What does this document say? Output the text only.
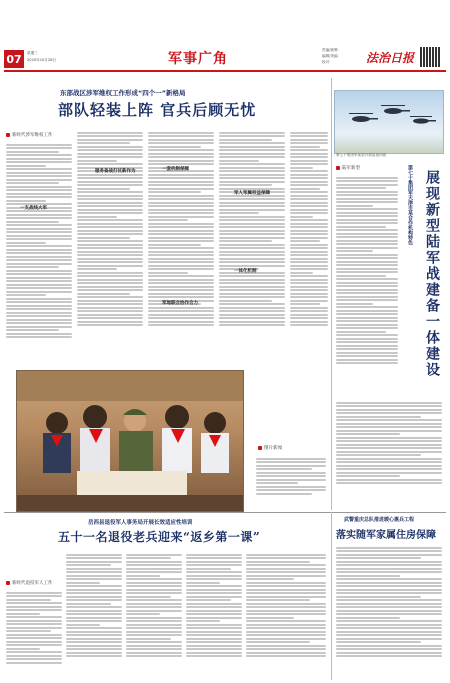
07	星期三
2020年10月28日	军事广角
责编/统筹：
编辑/美编：
校对：	法治日报
东部战区涉军维权工作形成“四个一”新格局
部队轻装上阵 官兵后顾无忧
新时代涉军维权工作
一支战线大军
服务备战打仗新作为	一套机制保障
军人军属权益保障
一体化机制
军地联合协作合力
第七十集团军某旅开展装备训练
陆军新型	第七十集团军天津市某合作机构特色 展现新型陆军战建备一体建设
图片新闻
岳西县退役军人事务局开展长效适应性培训
五十一名退役老兵迎来“返乡第一课”
新时代退役军人工作
武警重庆总队推进暖心惠兵工程
落实随军家属住房保障
